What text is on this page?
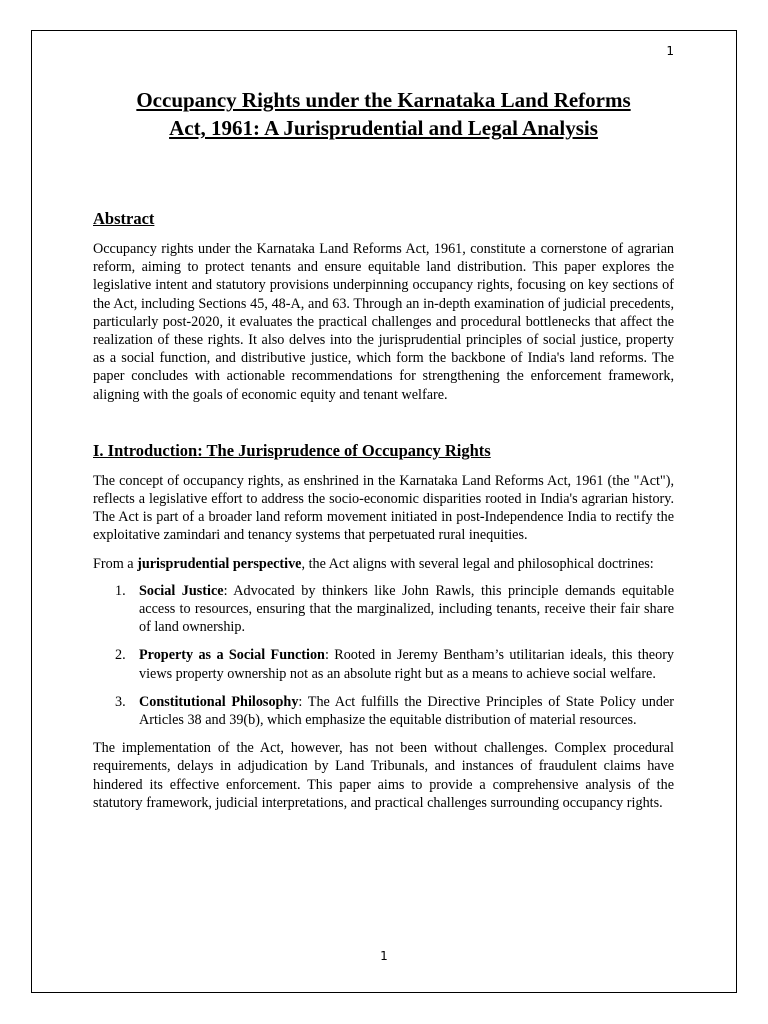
1
Occupancy Rights under the Karnataka Land Reforms
Act, 1961: A Jurisprudential and Legal Analysis
Abstract

Occupancy rights under the Karnataka Land Reforms Act, 1961, constitute a cornerstone of agrarian reform, aiming to protect tenants and ensure equitable land distribution. This paper explores the legislative intent and statutory provisions underpinning occupancy rights, focusing on key sections of the Act, including Sections 45, 48-A, and 63. Through an in-depth examination of judicial precedents, particularly post-2020, it evaluates the practical challenges and procedural bottlenecks that affect the realization of these rights. It also delves into the jurisprudential principles of social justice, property as a social function, and distributive justice, which form the backbone of India's land reforms. The paper concludes with actionable recommendations for strengthening the enforcement framework, aligning with the goals of economic equity and tenant welfare.

I. Introduction: The Jurisprudence of Occupancy Rights

The concept of occupancy rights, as enshrined in the Karnataka Land Reforms Act, 1961 (the "Act"), reflects a legislative effort to address the socio-economic disparities rooted in India's agrarian history. The Act is part of a broader land reform movement initiated in post-Independence India to rectify the exploitative zamindari and tenancy systems that perpetuated rural inequities.

From a jurisprudential perspective, the Act aligns with several legal and philosophical doctrines:

1. Social Justice: Advocated by thinkers like John Rawls, this principle demands equitable access to resources, ensuring that the marginalized, including tenants, receive their fair share of land ownership.
2. Property as a Social Function: Rooted in Jeremy Bentham’s utilitarian ideals, this theory views property ownership not as an absolute right but as a means to achieve social welfare.
3. Constitutional Philosophy: The Act fulfills the Directive Principles of State Policy under Articles 38 and 39(b), which emphasize the equitable distribution of material resources.

The implementation of the Act, however, has not been without challenges. Complex procedural requirements, delays in adjudication by Land Tribunals, and instances of fraudulent claims have hindered its effective enforcement. This paper aims to provide a comprehensive analysis of the statutory framework, judicial interpretations, and practical challenges surrounding occupancy rights.

1
